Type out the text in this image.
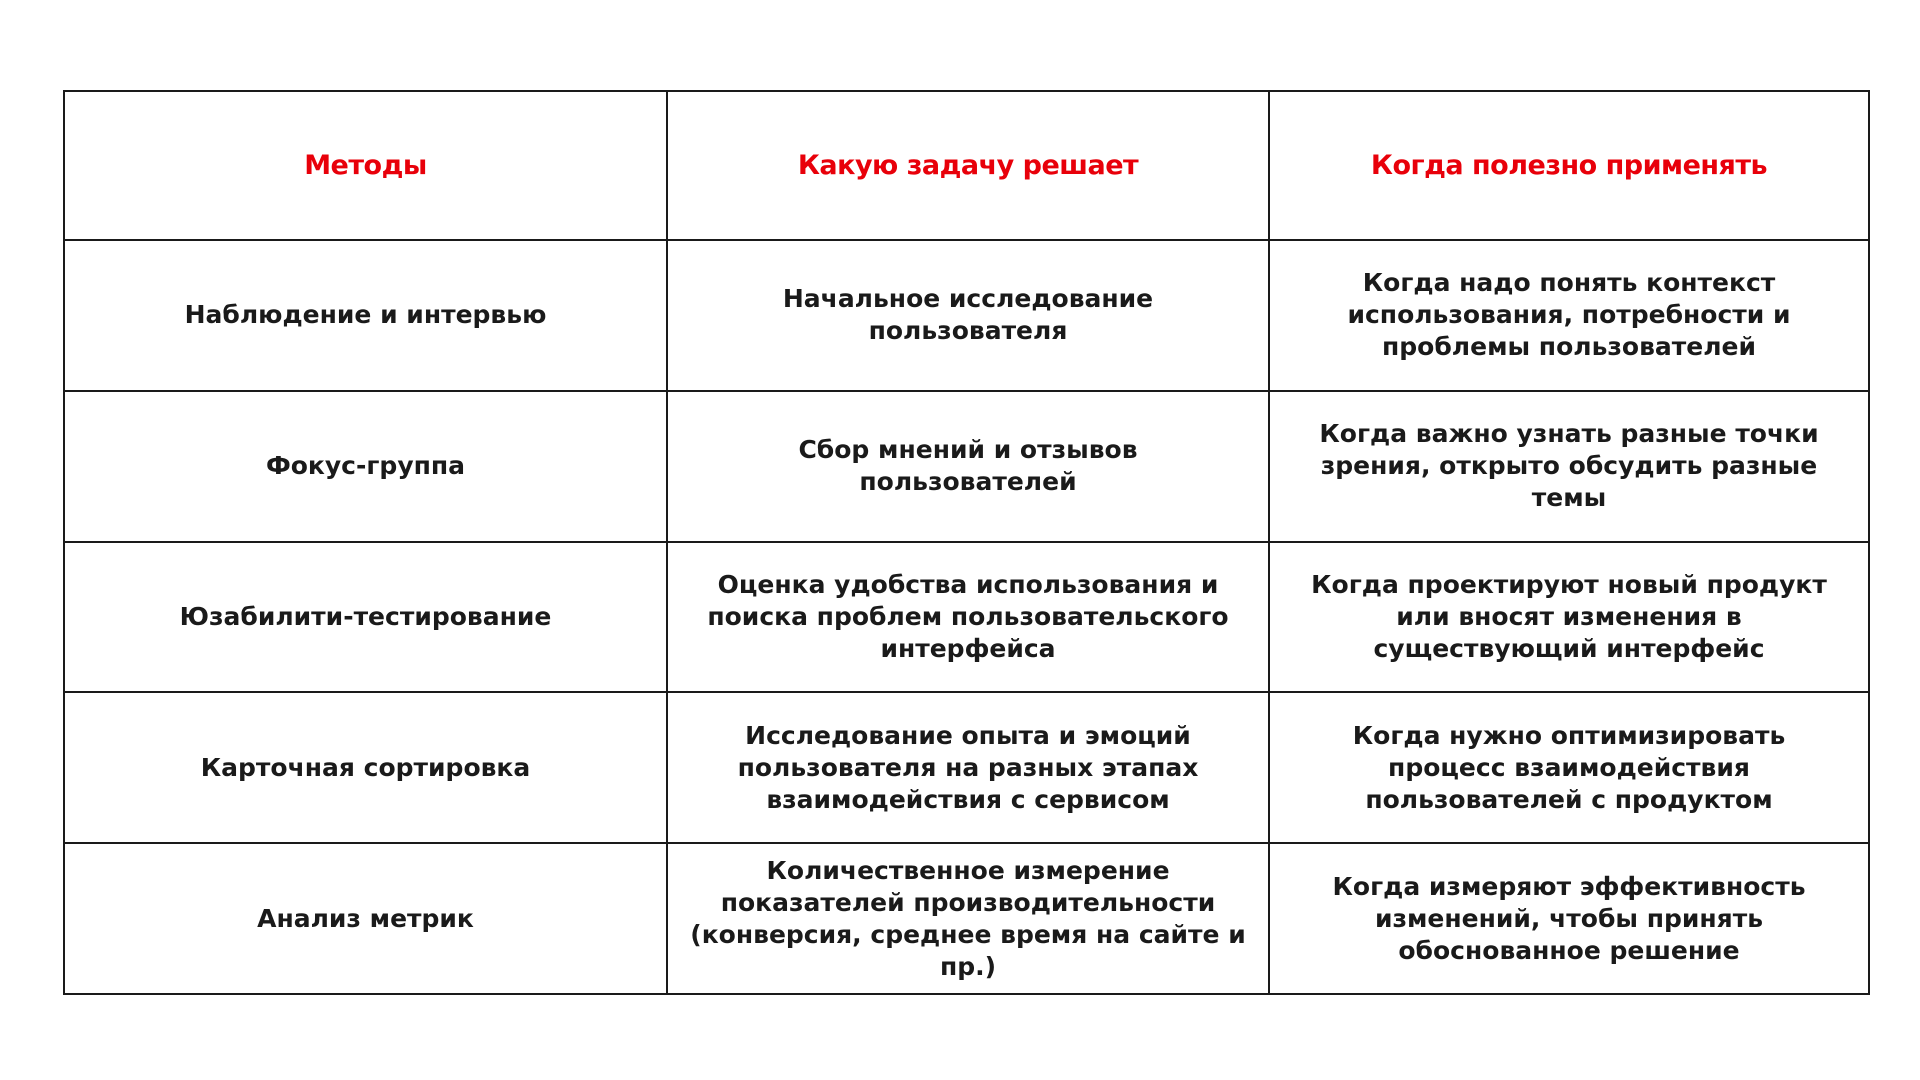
Методы	Какую задачу решает	Когда полезно применять
Наблюдение и интервью	Начальное исследование пользователя	Когда надо понять контекст использования, потребности и проблемы пользователей
Фокус-группа	Сбор мнений и отзывов пользователей	Когда важно узнать разные точки зрения, открыто обсудить разные темы
Юзабилити-тестирование	Оценка удобства использования и поиска проблем пользовательского интерфейса	Когда проектируют новый продукт или вносят изменения в существующий интерфейс
Карточная сортировка	Исследование опыта и эмоций пользователя на разных этапах взаимодействия с сервисом	Когда нужно оптимизировать процесс взаимодействия пользователей с продуктом
Анализ метрик	Количественное измерение показателей производительности (конверсия, среднее время на сайте и пр.)	Когда измеряют эффективность изменений, чтобы принять обоснованное решение
